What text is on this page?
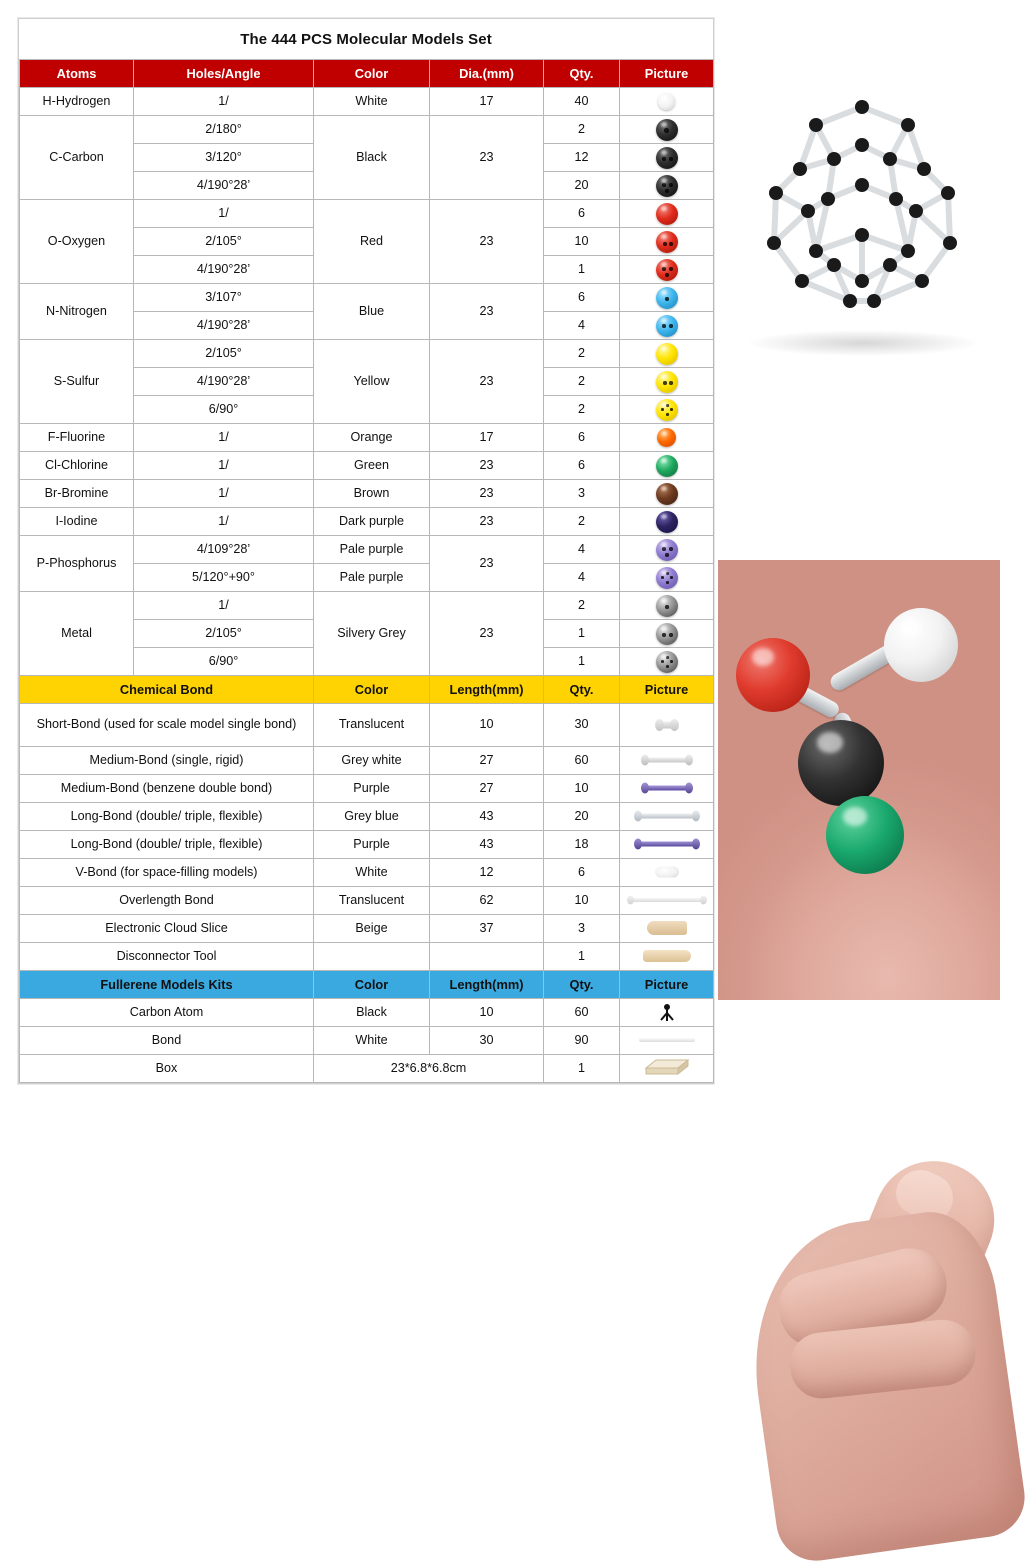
The 444 PCS Molecular Models Set
Atoms	Holes/Angle	Color	Dia.(mm)	Qty.	Picture
H-Hydrogen	1/	White	17	40	
C-Carbon	2/180°	Black	23	2	

	3/120°			12	

	4/190°28’			20	

O-Oxygen	1/	Red	23	6	
	2/105°			10	

	4/190°28’			1	

N-Nitrogen	3/107°	Blue	23	6	

	4/190°28’			4	

S-Sulfur	2/105°	Yellow	23	2	
	4/190°28’			2	

	6/90°			2	

F-Fluorine	1/	Orange	17	6	
Cl-Chlorine	1/	Green	23	6	
Br-Bromine	1/	Brown	23	3	
I-Iodine	1/	Dark purple	23	2	
P-Phosphorus	4/109°28’	Pale purple	23	4	

	5/120°+90°	Pale purple		4	

Metal	1/	Silvery Grey	23	2	

	2/105°			1	

	6/90°			1	

Chemical Bond		Color	Length(mm)	Qty.	Picture
Short-Bond (used for scale model single bond)		Translucent	10	30	

Medium-Bond (single, rigid)		Grey white	27	60	

Medium-Bond (benzene double bond)		Purple	27	10	

Long-Bond (double/ triple, flexible)		Grey blue	43	20	

Long-Bond (double/ triple, flexible)		Purple	43	18	

V-Bond (for space-filling models)		White	12	6	

Overlength Bond		Translucent	62	10	

Electronic Cloud Slice		Beige	37	3	

Disconnector Tool				1	

Fullerene Models Kits		Color	Length(mm)	Qty.	Picture
Carbon Atom		Black	10	60	
Bond		White	30	90	

Box		23*6.8*6.8cm		1	
